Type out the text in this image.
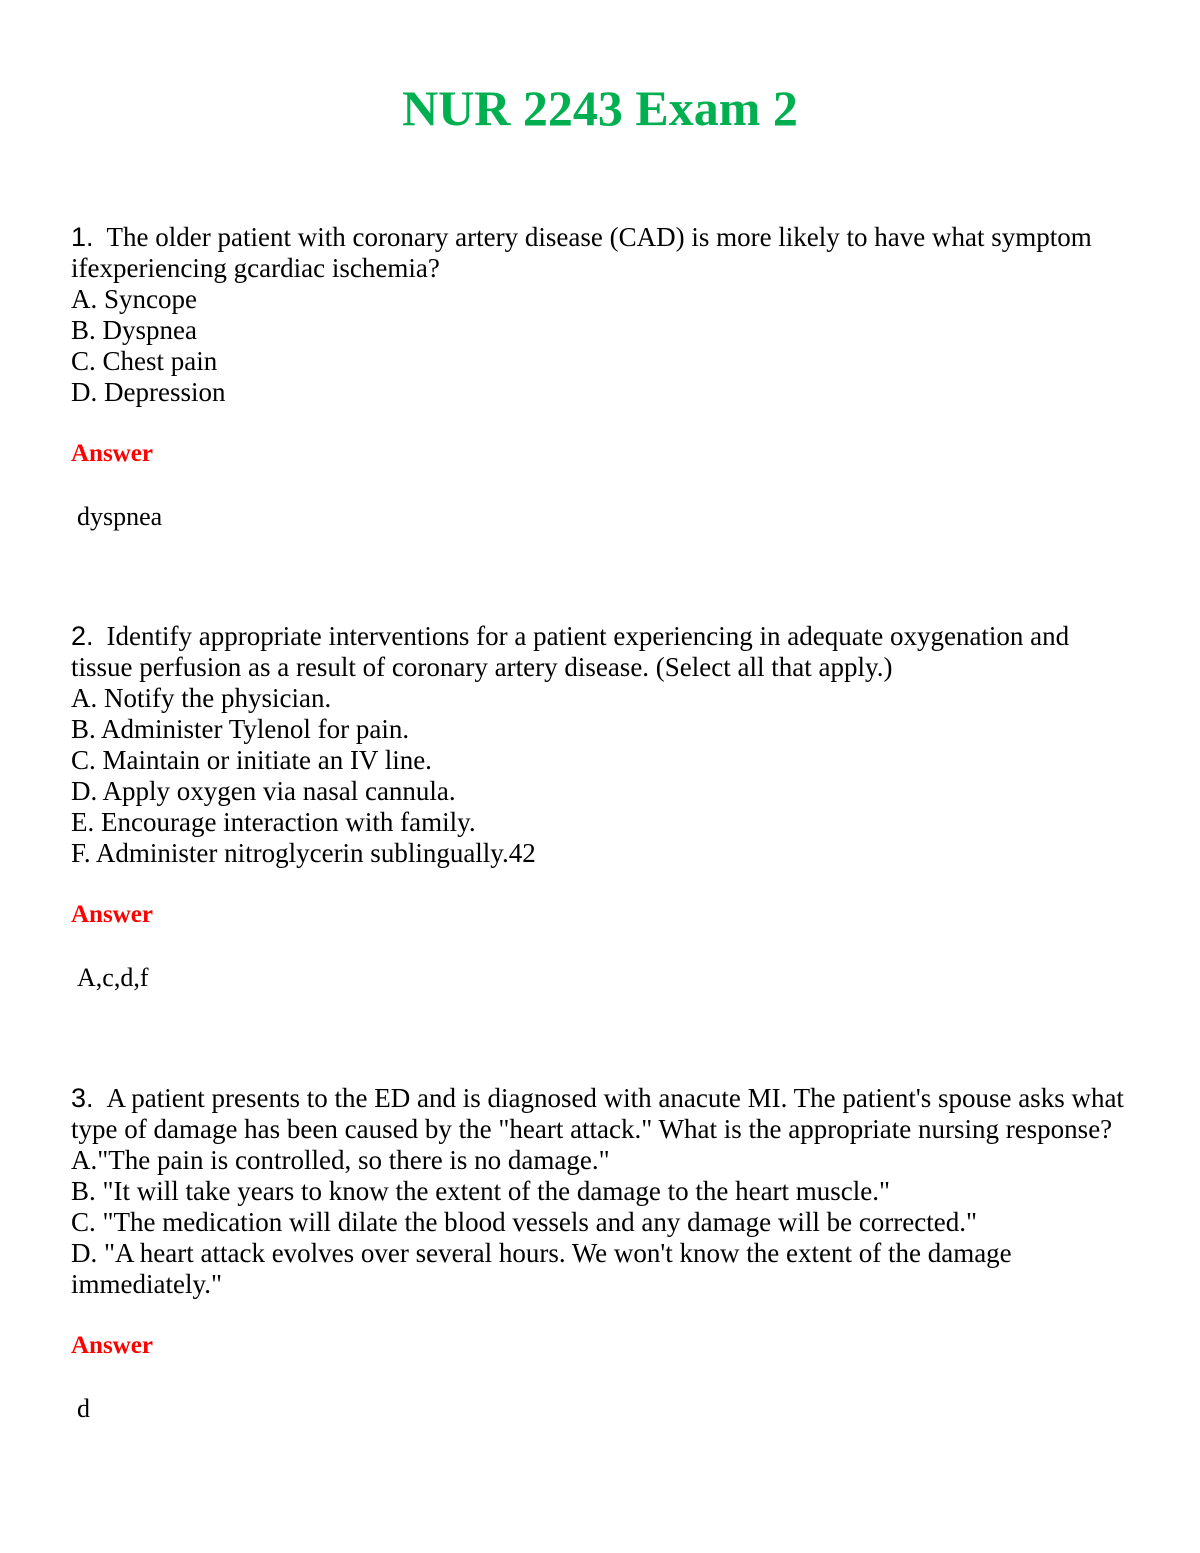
NUR 2243 Exam 2

1. The older patient with coronary artery disease (CAD) is more likely to have what symptom ifexperiencing gcardiac ischemia?

A. Syncope
B. Dyspnea
C. Chest pain
D. Depression

Answer

dyspnea

2. Identify appropriate interventions for a patient experiencing in adequate oxygenation and tissue perfusion as a result of coronary artery disease. (Select all that apply.)

A. Notify the physician.
B. Administer Tylenol for pain.
C. Maintain or initiate an IV line.
D. Apply oxygen via nasal cannula.
E. Encourage interaction with family.
F. Administer nitroglycerin sublingually.42

Answer

A,c,d,f

3. A patient presents to the ED and is diagnosed with anacute MI. The patient's spouse asks what type of damage has been caused by the "heart attack." What is the appropriate nursing response?

A."The pain is controlled, so there is no damage."
B. "It will take years to know the extent of the damage to the heart muscle."
C. "The medication will dilate the blood vessels and any damage will be corrected."
D. "A heart attack evolves over several hours. We won't know the extent of the damage immediately."

Answer

d
